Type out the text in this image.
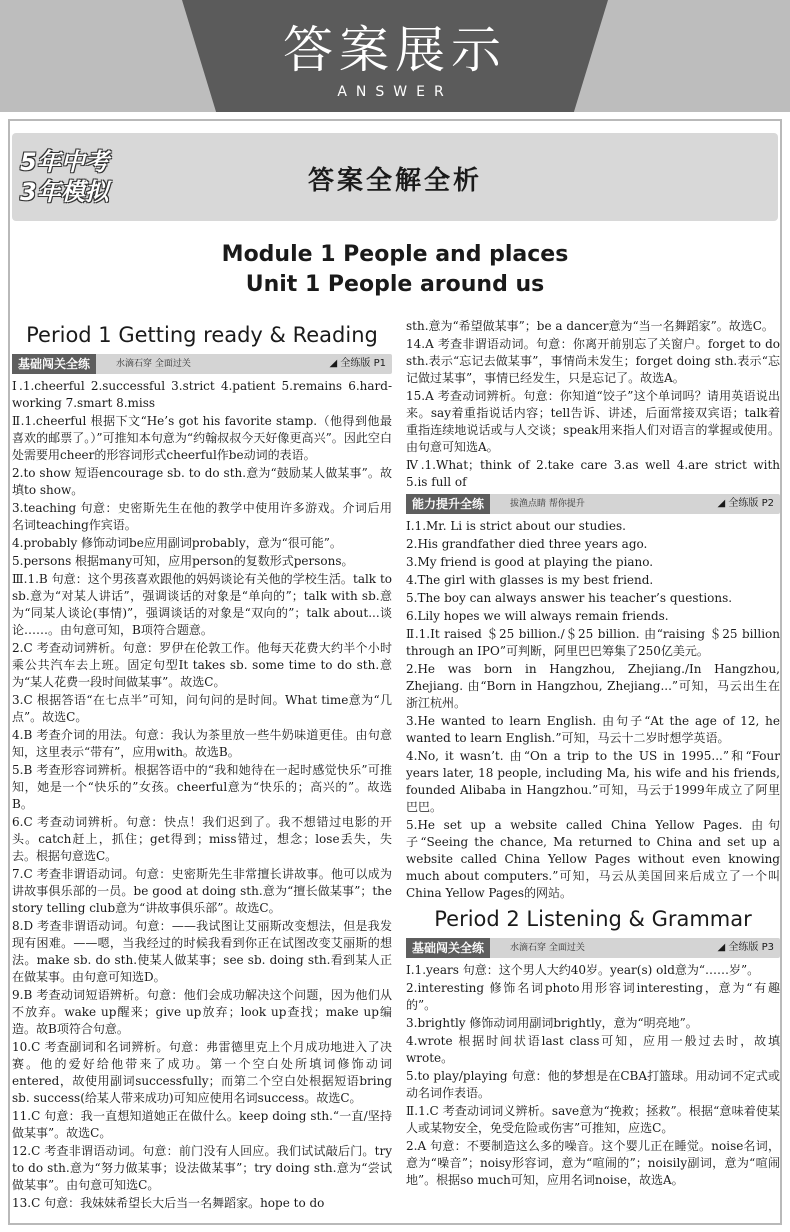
答案展示
ANSWER
5年中考
3年模拟	答案全解全析
Module 1 People and places
Unit 1 People around us
Period 1 Getting ready & Reading
基础闯关全练	水滴石穿 全面过关	◢ 全练版 P1
Ⅰ.1.cheerful 2.successful 3.strict 4.patient 5.remains 6.hard-working 7.smart 8.miss
Ⅱ.1.cheerful 根据下文“He’s got his favorite stamp.（他得到他最喜欢的邮票了。）”可推知本句意为“约翰叔叔今天好像更高兴”。因此空白处需要用cheer的形容词形式cheerful作be动词的表语。
2.to show 短语encourage sb. to do sth.意为“鼓励某人做某事”。故填to show。
3.teaching 句意：史密斯先生在他的教学中使用许多游戏。介词后用名词teaching作宾语。
4.probably 修饰动词be应用副词probably，意为“很可能”。
5.persons 根据many可知，应用person的复数形式persons。
Ⅲ.1.B 句意：这个男孩喜欢跟他的妈妈谈论有关他的学校生活。talk to sb.意为“对某人讲话”，强调谈话的对象是“单向的”；talk with sb.意为“同某人谈论(事情)”，强调谈话的对象是“双向的”；talk about...谈论……。由句意可知，B项符合题意。
2.C 考查动词辨析。句意：罗伊在伦敦工作。他每天花费大约半个小时乘公共汽车去上班。固定句型It takes sb. some time to do sth.意为“某人花费一段时间做某事”。故选C。
3.C 根据答语“在七点半”可知，问句问的是时间。What time意为“几点”。故选C。
4.B 考查介词的用法。句意：我认为茶里放一些牛奶味道更佳。由句意知，这里表示“带有”，应用with。故选B。
5.B 考查形容词辨析。根据答语中的“我和她待在一起时感觉快乐”可推知，她是一个“快乐的”女孩。cheerful意为“快乐的；高兴的”。故选B。
6.C 考查动词辨析。句意：快点！我们迟到了。我不想错过电影的开头。catch赶上，抓住；get得到；miss错过，想念；lose丢失，失去。根据句意选C。
7.C 考查非谓语动词。句意：史密斯先生非常擅长讲故事。他可以成为讲故事俱乐部的一员。be good at doing sth.意为“擅长做某事”；the story telling club意为“讲故事俱乐部”。故选C。
8.D 考查非谓语动词。句意：——我试图让艾丽斯改变想法，但是我发现有困难。——嗯，当我经过的时候我看到你正在试图改变艾丽斯的想法。make sb. do sth.使某人做某事；see sb. doing sth.看到某人正在做某事。由句意可知选D。
9.B 考查动词短语辨析。句意：他们会成功解决这个问题，因为他们从不放弃。wake up醒来；give up放弃；look up查找；make up编造。故B项符合句意。
10.C 考查副词和名词辨析。句意：弗雷德里克上个月成功地进入了决赛。他的爱好给他带来了成功。第一个空白处所填词修饰动词entered，故使用副词successfully；而第二个空白处根据短语bring sb. success(给某人带来成功)可知应使用名词success。故选C。
11.C 句意：我一直想知道她正在做什么。keep doing sth.“一直/坚持做某事”。故选C。
12.C 考查非谓语动词。句意：前门没有人回应。我们试试敲后门。try to do sth.意为“努力做某事；设法做某事”；try doing sth.意为“尝试做某事”。由句意可知选C。
13.C 句意：我妹妹希望长大后当一名舞蹈家。hope to do
sth.意为“希望做某事”；be a dancer意为“当一名舞蹈家”。故选C。
14.A 考查非谓语动词。句意：你离开前别忘了关窗户。forget to do sth.表示“忘记去做某事”，事情尚未发生；forget doing sth.表示“忘记做过某事”，事情已经发生，只是忘记了。故选A。
15.A 考查动词辨析。句意：你知道“饺子”这个单词吗？请用英语说出来。say着重指说话内容；tell告诉、讲述，后面常接双宾语；talk着重指连续地说话或与人交谈；speak用来指人们对语言的掌握或使用。由句意可知选A。
Ⅳ.1.What；think of 2.take care 3.as well 4.are strict with 5.is full of
能力提升全练	拔渔点睛 帮你提升	◢ 全练版 P2
Ⅰ.1.Mr. Li is strict about our studies.
2.His grandfather died three years ago.
3.My friend is good at playing the piano.
4.The girl with glasses is my best friend.
5.The boy can always answer his teacher’s questions.
6.Lily hopes we will always remain friends.
Ⅱ.1.It raised ＄25 billion./＄25 billion. 由“raising ＄25 billion through an IPO”可判断，阿里巴巴筹集了250亿美元。
2.He was born in Hangzhou, Zhejiang./In Hangzhou, Zhejiang. 由“Born in Hangzhou, Zhejiang...”可知，马云出生在浙江杭州。
3.He wanted to learn English. 由句子“At the age of 12, he wanted to learn English.”可知，马云十二岁时想学英语。
4.No, it wasn’t. 由“On a trip to the US in 1995...”和“Four years later, 18 people, including Ma, his wife and his friends, founded Alibaba in Hangzhou.”可知，马云于1999年成立了阿里巴巴。
5.He set up a website called China Yellow Pages. 由句子“Seeing the chance, Ma returned to China and set up a website called China Yellow Pages without even knowing much about computers.”可知，马云从美国回来后成立了一个叫China Yellow Pages的网站。
Period 2 Listening & Grammar
基础闯关全练	水滴石穿 全面过关	◢ 全练版 P3
Ⅰ.1.years 句意：这个男人大约40岁。year(s) old意为“……岁”。
2.interesting 修饰名词photo用形容词interesting，意为“有趣的”。
3.brightly 修饰动词用副词brightly，意为“明亮地”。
4.wrote 根据时间状语last class可知，应用一般过去时，故填wrote。
5.to play/playing 句意：他的梦想是在CBA打篮球。用动词不定式或动名词作表语。
Ⅱ.1.C 考查动词词义辨析。save意为“挽救；拯救”。根据“意味着使某人或某物安全，免受危险或伤害”可推知，应选C。
2.A 句意：不要制造这么多的噪音。这个婴儿正在睡觉。noise名词，意为“噪音”；noisy形容词，意为“喧闹的”；noisily副词，意为“喧闹地”。根据so much可知，应用名词noise，故选A。
